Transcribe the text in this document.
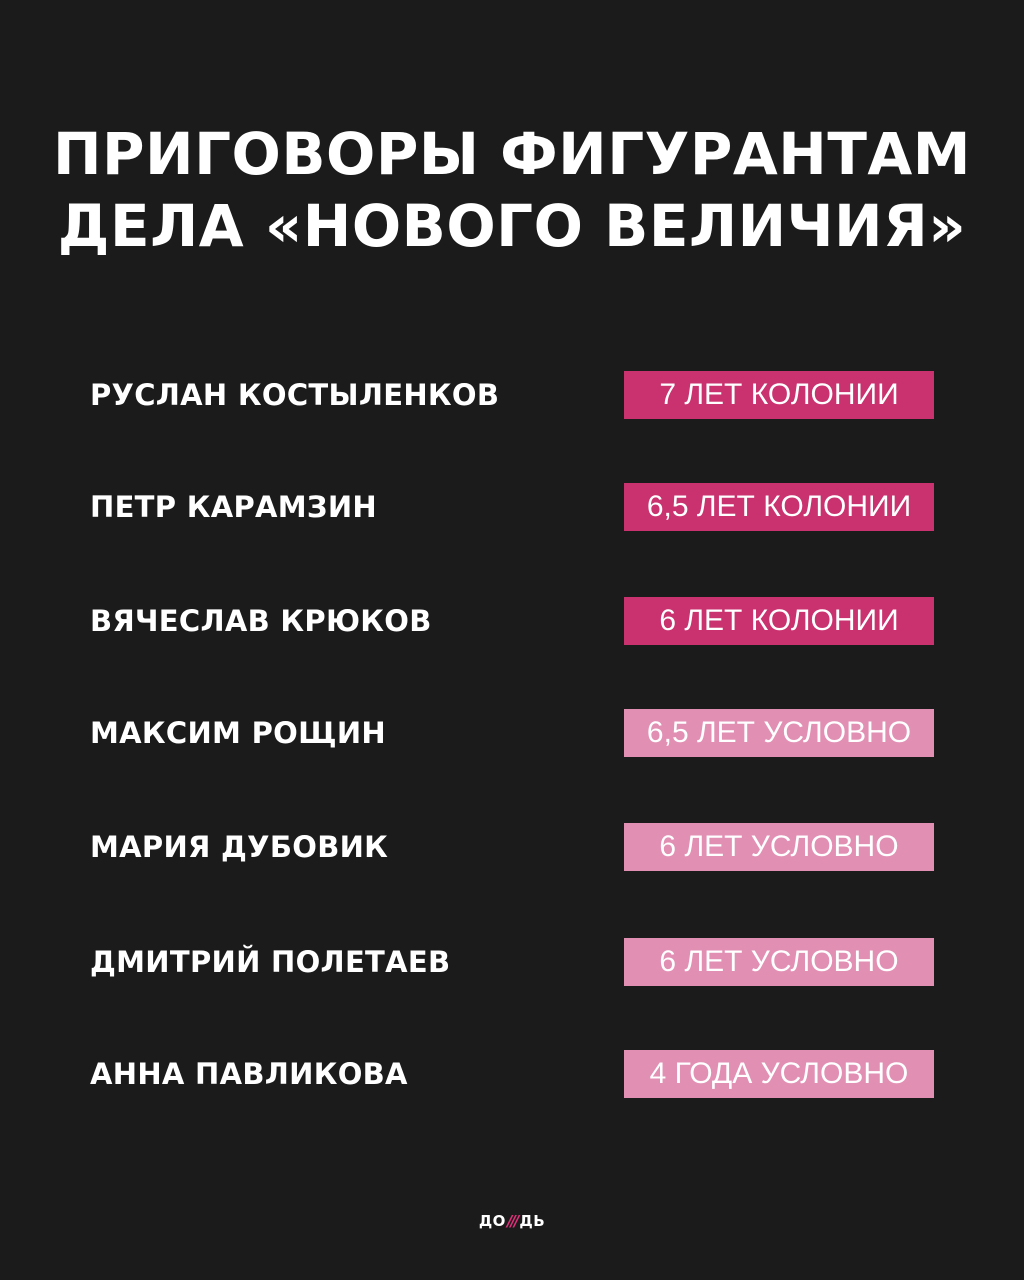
ПРИГОВОРЫ ФИГУРАНТАМ
ДЕЛА «НОВОГО ВЕЛИЧИЯ»
РУСЛАН КОСТЫЛЕНКОВ	7 ЛЕТ КОЛОНИИ
ПЕТР КАРАМЗИН	6,5 ЛЕТ КОЛОНИИ
ВЯЧЕСЛАВ КРЮКОВ	6 ЛЕТ КОЛОНИИ
МАКСИМ РОЩИН	6,5 ЛЕТ УСЛОВНО
МАРИЯ ДУБОВИК	6 ЛЕТ УСЛОВНО
ДМИТРИЙ ПОЛЕТАЕВ	6 ЛЕТ УСЛОВНО
АННА ПАВЛИКОВА	4 ГОДА УСЛОВНО
ДО/// ДЬ
